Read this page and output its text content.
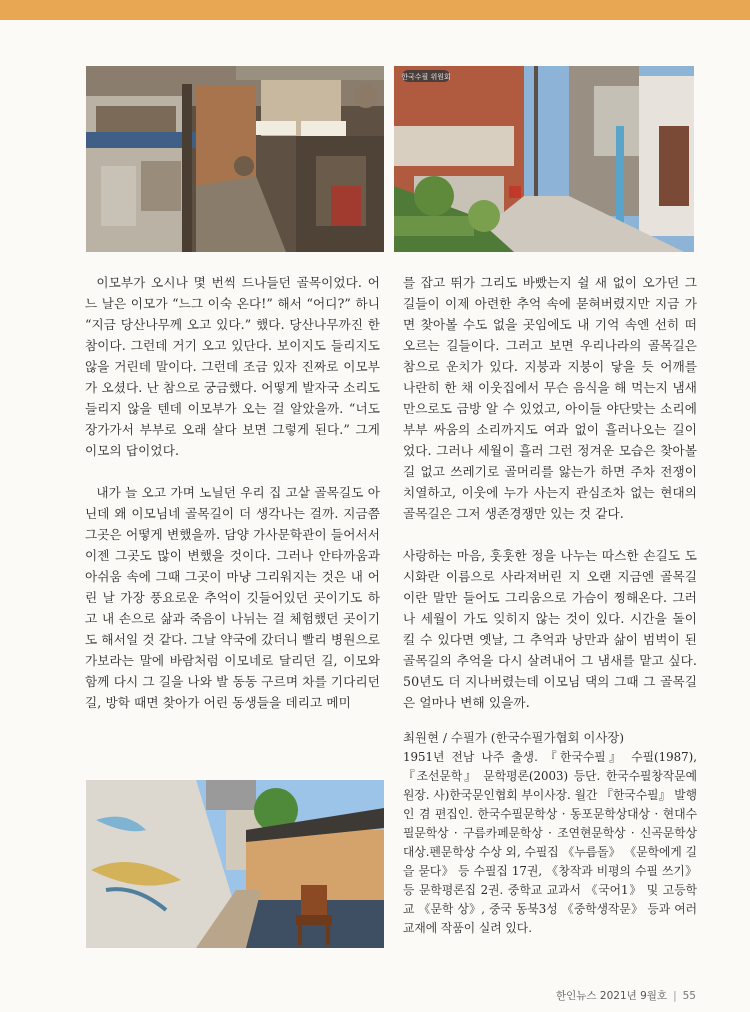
한국수필 위원회

이모부가 오시나 몇 번씩 드나들던 골목이었다. 어느 날은 이모가 “느그 이숙 온다!” 해서 “어디?” 하니 “지금 당산나무께 오고 있다.” 했다. 당산나무까진 한참이다. 그런데 거기 오고 있단다. 보이지도 들리지도 않을 거린데 말이다. 그런데 조금 있자 진짜로 이모부가 오셨다. 난 참으로 궁금했다. 어떻게 발자국 소리도 들리지 않을 텐데 이모부가 오는 걸 알았을까. “너도 장가가서 부부로 오래 살다 보면 그렇게 된다.” 그게 이모의 답이었다.

내가 늘 오고 가며 노닐던 우리 집 고샅 골목길도 아닌데 왜 이모님네 골목길이 더 생각나는 걸까. 지금쯤 그곳은 어떻게 변했을까. 담양 가사문학관이 들어서서 이젠 그곳도 많이 변했을 것이다. 그러나 안타까움과 아쉬움 속에 그때 그곳이 마냥 그리워지는 것은 내 어린 날 가장 풍요로운 추억이 깃들어있던 곳이기도 하고 내 손으로 삶과 죽음이 나뉘는 걸 체험했던 곳이기도 해서일 것 같다. 그날 약국에 갔더니 빨리 병원으로 가보라는 말에 바람처럼 이모네로 달리던 길, 이모와 함께 다시 그 길을 나와 발 동동 구르며 차를 기다리던 길, 방학 때면 찾아가 어린 동생들을 데리고 메미

를 잡고 뛰가 그리도 바빴는지 쉴 새 없이 오가던 그 길들이 이제 아련한 추억 속에 묻혀버렸지만 지금 가면 찾아볼 수도 없을 곳임에도 내 기억 속엔 선히 떠오르는 길들이다. 그러고 보면 우리나라의 골목길은 참으로 운치가 있다. 지붕과 지붕이 닿을 듯 어깨를 나란히 한 채 이웃집에서 무슨 음식을 해 먹는지 냄새만으로도 금방 알 수 있었고, 아이들 야단맞는 소리에 부부 싸움의 소리까지도 여과 없이 흘러나오는 길이었다. 그러나 세월이 흘러 그런 정겨운 모습은 찾아볼 길 없고 쓰레기로 골머리를 앓는가 하면 주차 전쟁이 치열하고, 이웃에 누가 사는지 관심조차 없는 현대의 골목길은 그저 생존경쟁만 있는 것 같다.

사랑하는 마음, 훗훗한 정을 나누는 따스한 손길도 도시화란 이름으로 사라져버린 지 오랜 지금엔 골목길이란 말만 들어도 그리움으로 가슴이 찡해온다. 그러나 세월이 가도 잊히지 않는 것이 있다. 시간을 돌이킬 수 있다면 옛날, 그 추억과 낭만과 삶이 범벅이 된 골목길의 추억을 다시 살려내어 그 냄새를 맡고 싶다. 50년도 더 지나버렸는데 이모님 댁의 그때 그 골목길은 얼마나 변해 있을까.

최원현 / 수필가 (한국수필가협회 이사장)
1951년 전남 나주 출생. 『한국수필』 수필(1987), 『조선문학』 문학평론(2003) 등단. 한국수필창작문예원장. 사)한국문인협회 부이사장. 월간 『한국수필』 발행인 겸 편집인. 한국수필문학상 · 동포문학상대상 · 현대수필문학상 · 구름카페문학상 · 조연현문학상 · 신곡문학상대상.펜문학상 수상 외, 수필집 《누름돌》 《문학에게 길을 묻다》 등 수필집 17권, 《창작과 비평의 수필 쓰기》 등 문학평론집 2권. 중학교 교과서 《국어1》 및 고등학교 《문학 상》, 중국 동북3성 《중학생작문》 등과 여러 교재에 작품이 실려 있다.
한인뉴스 2021년 9월호 | 55
